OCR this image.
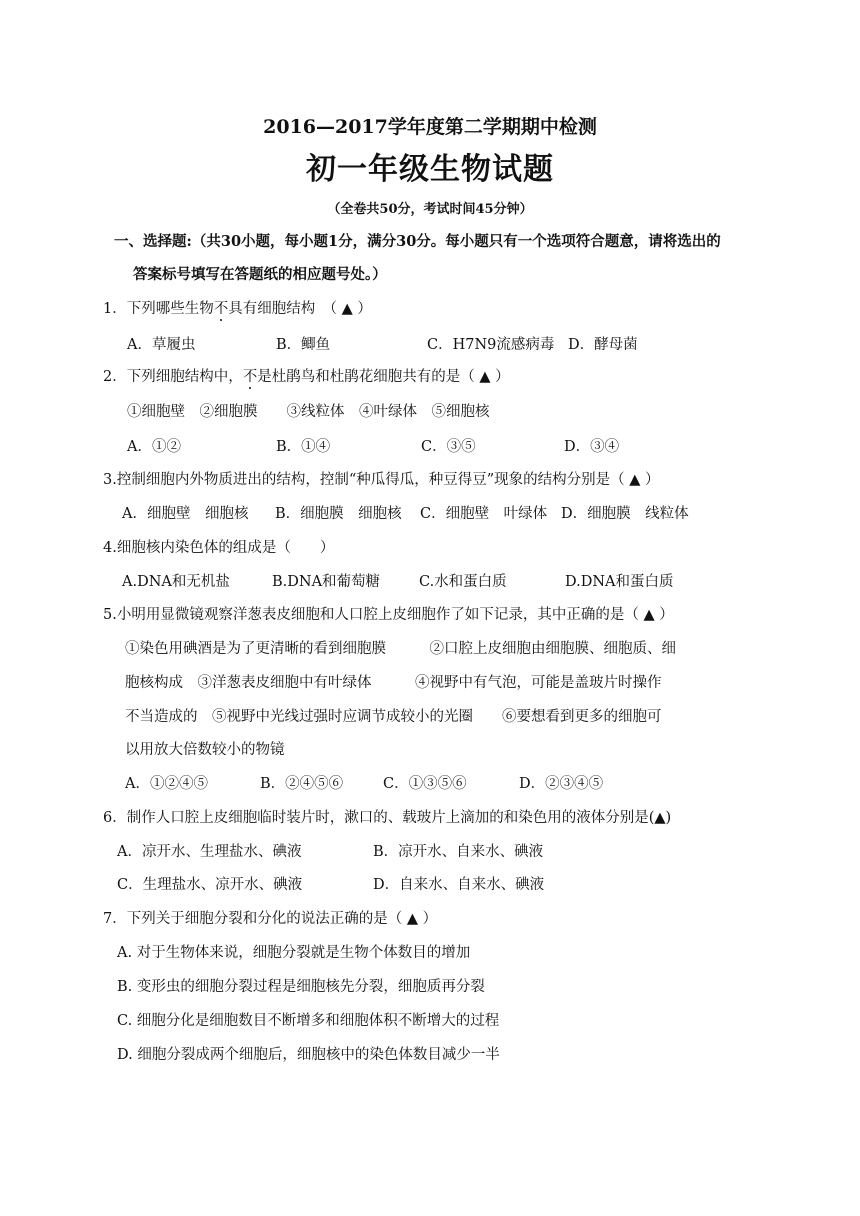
2016—2017学年度第二学期期中检测
初一年级生物试题
（全卷共50分，考试时间45分钟）
一、选择题:（共30小题，每小题1分，满分30分。每小题只有一个选项符合题意，请将选出的
答案标号填写在答题纸的相应题号处。）
1．下列哪些生物不具有细胞结构　（ ▲ ）
A．草履虫	B．鲫鱼	C．H7N9流感病毒 D．酵母菌
2．下列细胞结构中，不是杜鹃鸟和杜鹃花细胞共有的是（ ▲ ）
①细胞壁　②细胞膜　　③线粒体　④叶绿体　⑤细胞核
A．①②	B．①④	C．③⑤	D．③④
3.控制细胞内外物质进出的结构，控制“种瓜得瓜，种豆得豆”现象的结构分别是（ ▲ ）
A．细胞壁　细胞核 B．细胞膜　细胞核 C．细胞壁　叶绿体 D．细胞膜　线粒体
4.细胞核内染色体的组成是（　　）
A.DNA和无机盐	B.DNA和葡萄糖	C.水和蛋白质	D.DNA和蛋白质
5.小明用显微镜观察洋葱表皮细胞和人口腔上皮细胞作了如下记录，其中正确的是（ ▲ ）
①染色用碘酒是为了更清晰的看到细胞膜　　　②口腔上皮细胞由细胞膜、细胞质、细
胞核构成　③洋葱表皮细胞中有叶绿体　　　④视野中有气泡，可能是盖玻片时操作
不当造成的　⑤视野中光线过强时应调节成较小的光圈　　⑥要想看到更多的细胞可
以用放大倍数较小的物镜
A．①②④⑤	B．②④⑤⑥	C．①③⑤⑥	D．②③④⑤
6．制作人口腔上皮细胞临时装片时，漱口的、载玻片上滴加的和染色用的液体分别是(▲)
A．凉开水、生理盐水、碘液	B．凉开水、自来水、碘液
C．生理盐水、凉开水、碘液	D．自来水、自来水、碘液
7．下列关于细胞分裂和分化的说法正确的是（ ▲ ）
A. 对于生物体来说，细胞分裂就是生物个体数目的增加
B. 变形虫的细胞分裂过程是细胞核先分裂，细胞质再分裂
C. 细胞分化是细胞数目不断增多和细胞体积不断增大的过程
D. 细胞分裂成两个细胞后，细胞核中的染色体数目减少一半
